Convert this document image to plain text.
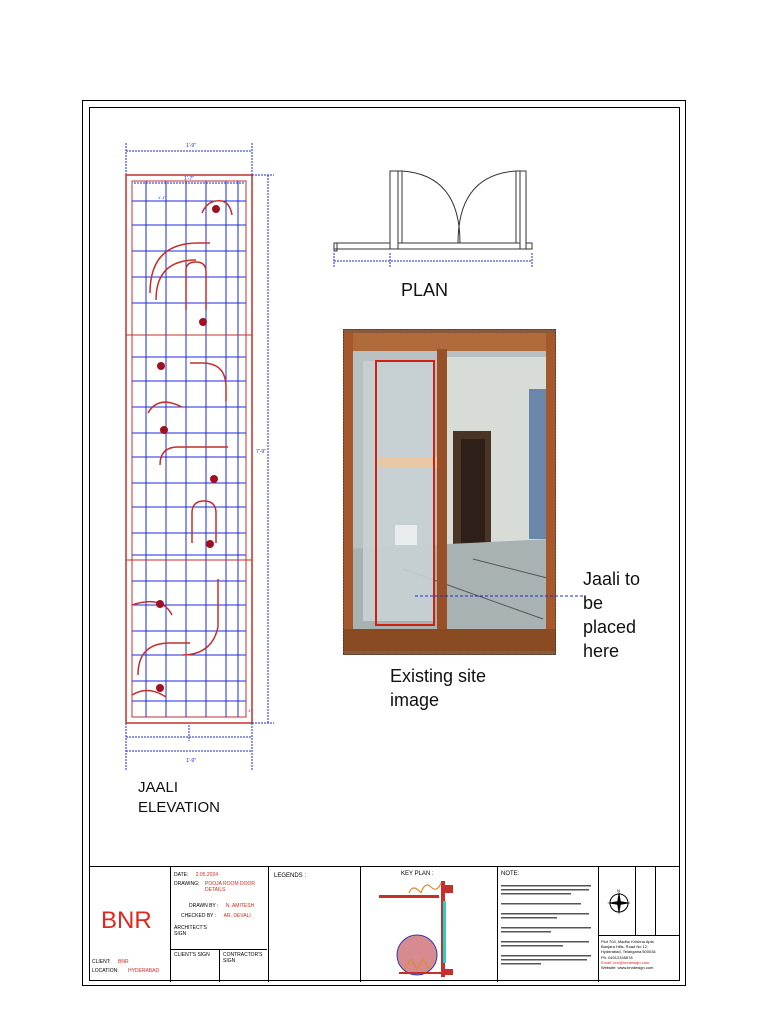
1'-9"
1'-7"
1'-1"
1"
7'-9"
1'-9"
JAALI
ELEVATION
PLAN
Existing site
image
Jaali to
be
placed
here
BNR
CLIENT: BNR
LOCATION: HYDERABAD
DATE: 2.05.2024
DRAWING: POOJA ROOM DOOR DETAILS
DRAWN BY : N. AMITESH
CHECKED BY : AR. DEVALI
ARCHITECT'S SIGN
CLIENT'S SIGN	CONTRACTOR'S SIGN
LEGENDS :	KEY PLAN :	NOTE:
N
Plot 704, Madhu Krishna Apts
Banjara Hills, Road No 12,
Hyderabad, Telangana 500034
Ph: 04012345678
Email: bnr@bnrdesign.com
Website: www.bnrdesign.com
